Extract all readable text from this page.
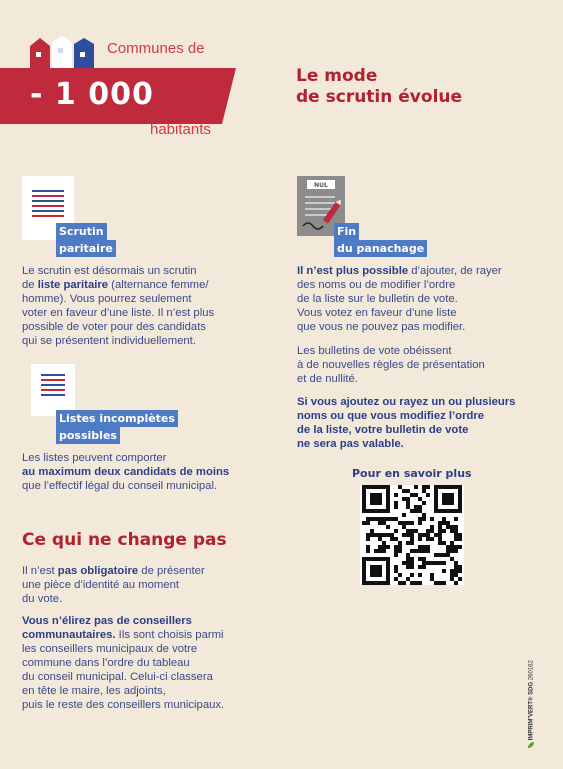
Communes de
- 1 000
habitants
Le mode
de scrutin évolue
Scrutin
paritaire
Le scrutin est désormais un scrutin
de liste paritaire (alternance femme/
homme). Vous pourrez seulement
voter en faveur d’une liste. Il n’est plus
possible de voter pour des candidats
qui se présentent individuellement.
Listes incomplètes
possibles
Les listes peuvent comporter
au maximum deux candidats de moins
que l’effectif légal du conseil municipal.
Ce qui ne change pas
Il n’est pas obligatoire de présenter
une pièce d’identité au moment
du vote.
Vous n’élirez pas de conseillers
communautaires. Ils sont choisis parmi
les conseillers municipaux de votre
commune dans l’ordre du tableau
du conseil municipal. Celui-ci classera
en tête le maire, les adjoints,
puis le reste des conseillers municipaux.
NUL
Fin
du panachage
Il n’est plus possible d’ajouter, de rayer
des noms ou de modifier l’ordre
de la liste sur le bulletin de vote.
Vous votez en faveur d’une liste
que vous ne pouvez pas modifier.
Les bulletins de vote obéissent
à de nouvelles règles de présentation
et de nullité.
Si vous ajoutez ou rayez un ou plusieurs
noms ou que vous modifiez l’ordre
de la liste, votre bulletin de vote
ne sera pas valable.
Pour en savoir plus
IMPRIM’VERT® SDG 260162
